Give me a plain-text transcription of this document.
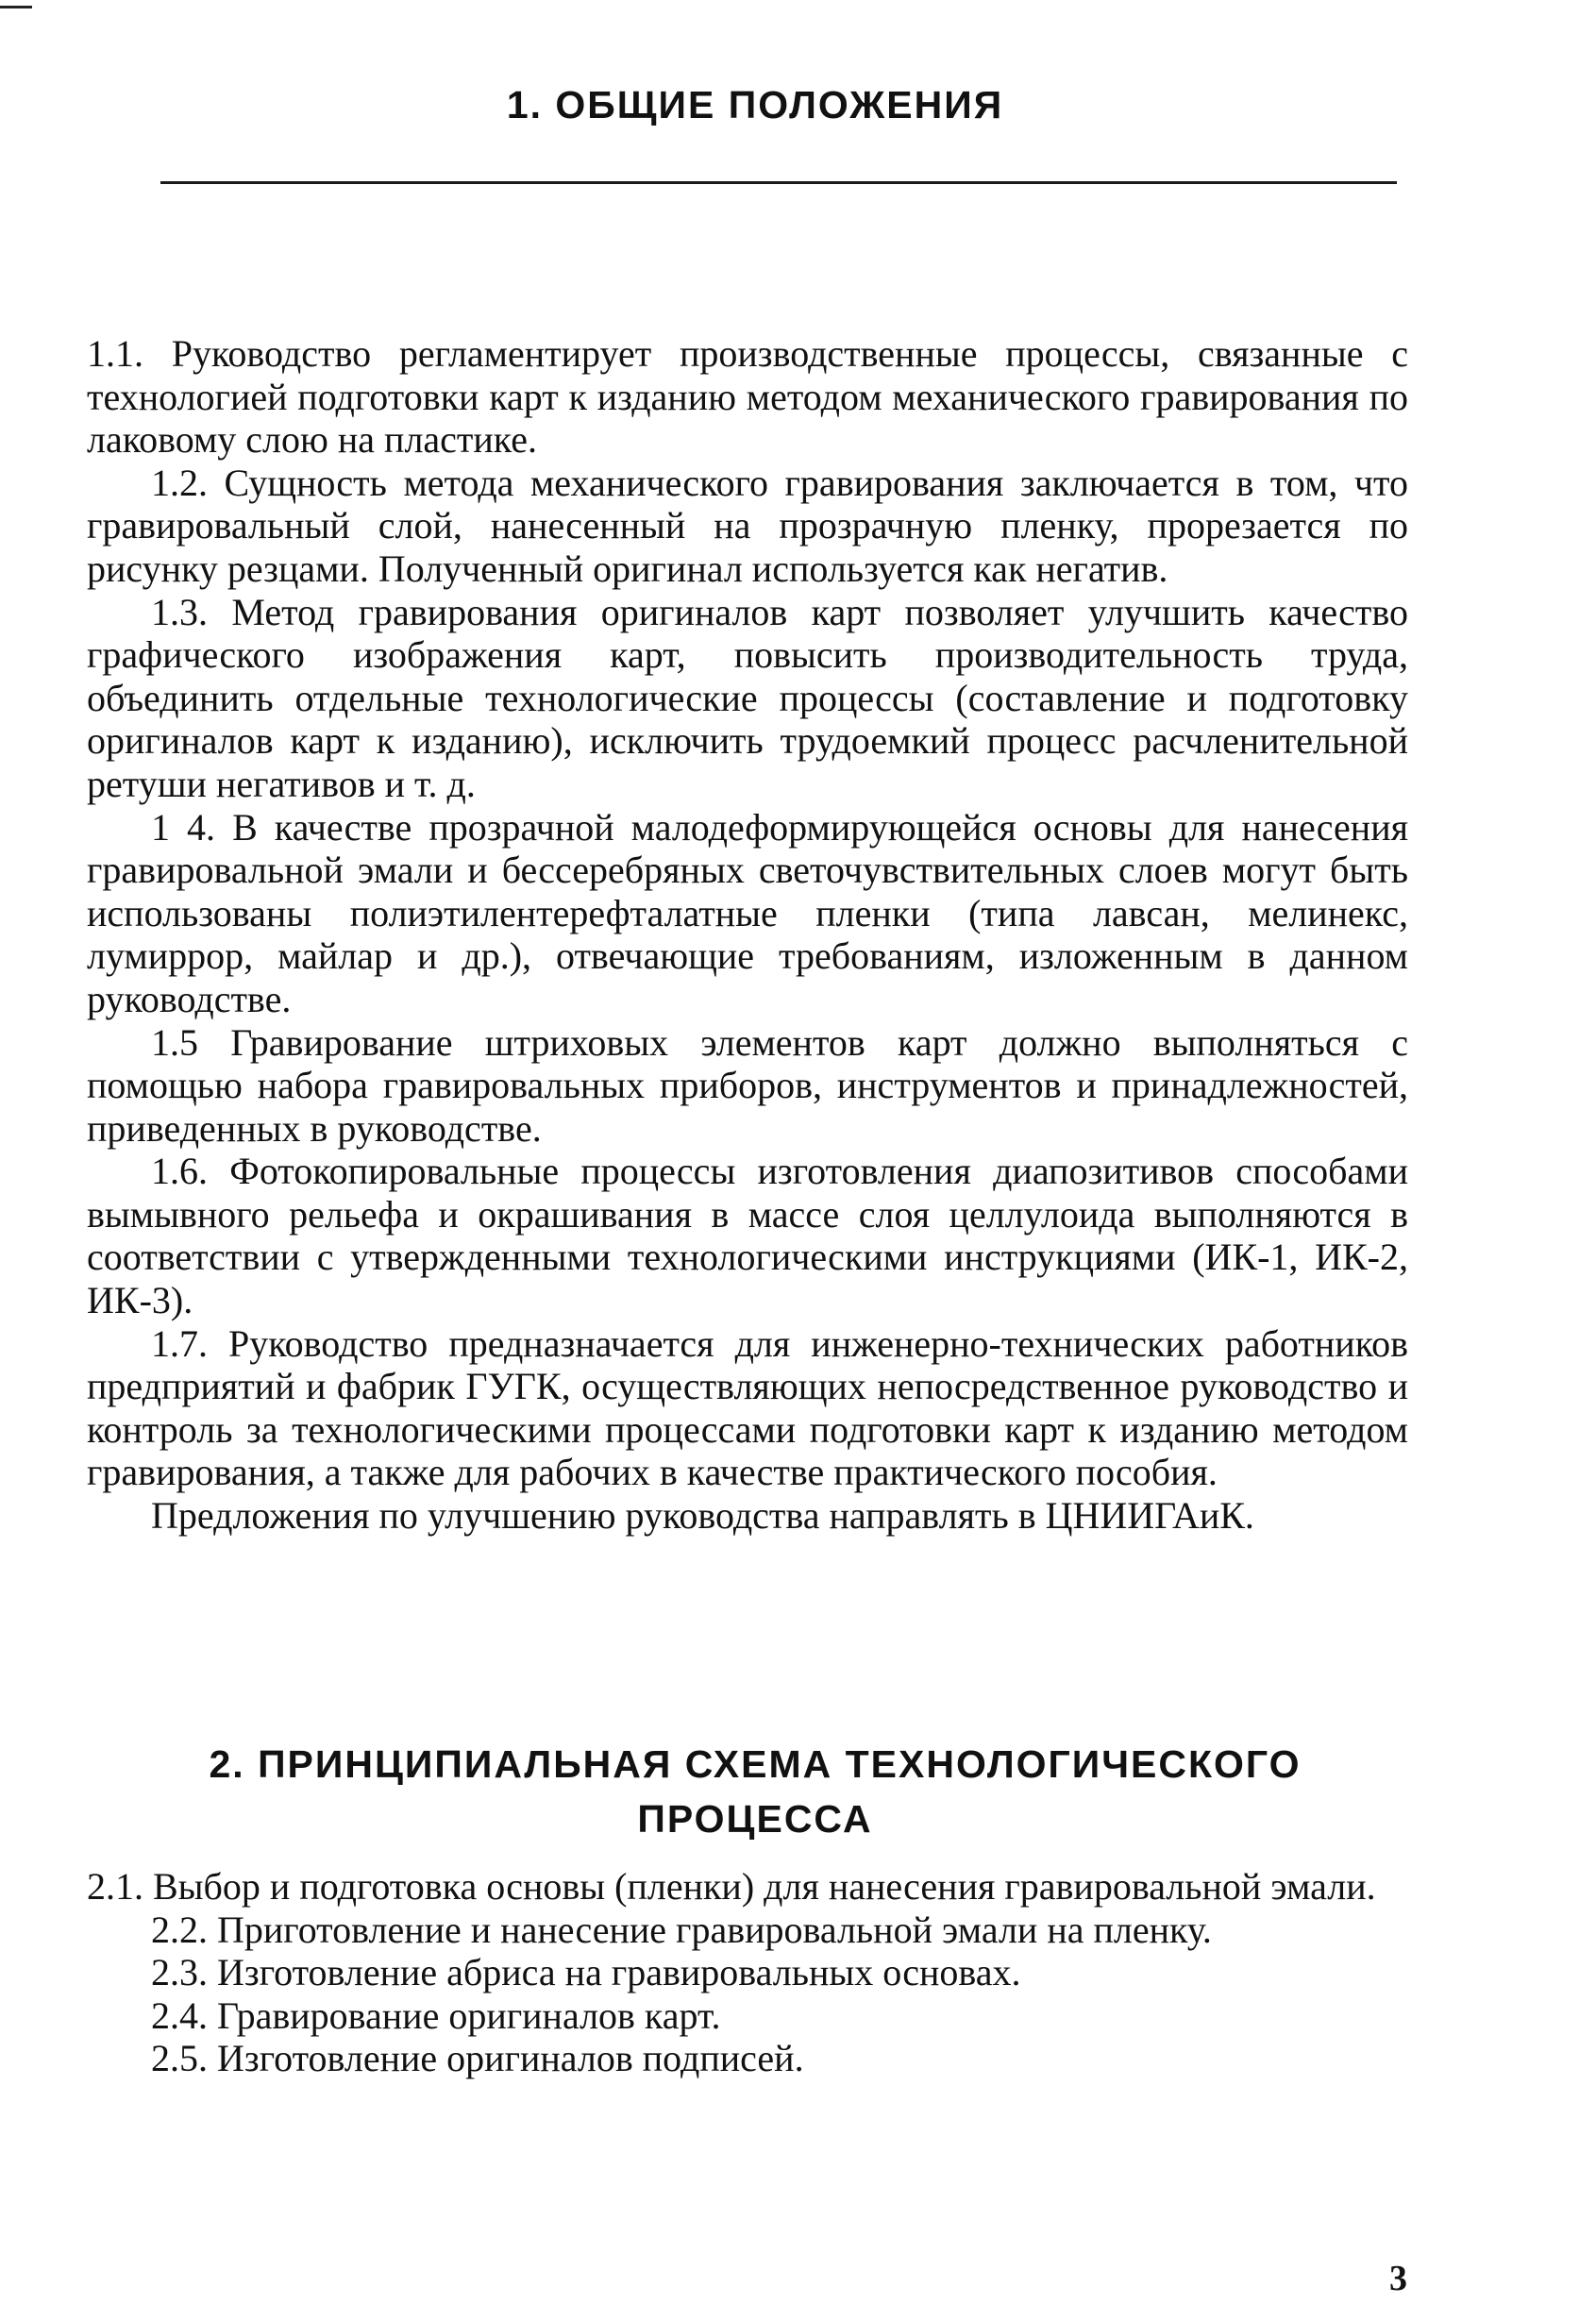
1. ОБЩИЕ ПОЛОЖЕНИЯ

1.1. Руководство регламентирует производственные процессы, связанные с технологией подготовки карт к изданию методом механического гравирования по лаковому слою на пластике.

1.2. Сущность метода механического гравирования заключается в том, что гравировальный слой, нанесенный на прозрачную пленку, прорезается по рисунку резцами. Полученный оригинал используется как негатив.

1.3. Метод гравирования оригиналов карт позволяет улучшить качество графического изображения карт, повысить производительность труда, объединить отдельные технологические процессы (составление и подготовку оригиналов карт к изданию), исключить трудоемкий процесс расчленительной ретуши негативов и т. д.

1 4. В качестве прозрачной малодеформирующейся основы для нанесения гравировальной эмали и бессеребряных светочувствительных слоев могут быть использованы полиэтилентерефталатные пленки (типа лавсан, мелинекс, лумиррор, майлар и др.), отвечающие требованиям, изложенным в данном руководстве.

1.5 Гравирование штриховых элементов карт должно выполняться с помощью набора гравировальных приборов, инструментов и принадлежностей, приведенных в руководстве.

1.6. Фотокопировальные процессы изготовления диапозитивов способами вымывного рельефа и окрашивания в массе слоя целлулоида выполняются в соответствии с утвержденными технологическими инструкциями (ИК-1, ИК-2, ИК-3).

1.7. Руководство предназначается для инженерно-технических работников предприятий и фабрик ГУГК, осуществляющих непосредственное руководство и контроль за технологическими процессами подготовки карт к изданию методом гравирования, а также для рабочих в качестве практического пособия.

Предложения по улучшению руководства направлять в ЦНИИГАиК.

2. ПРИНЦИПИАЛЬНАЯ СХЕМА ТЕХНОЛОГИЧЕСКОГО
ПРОЦЕССА

2.1. Выбор и подготовка основы (пленки) для нанесения гравировальной эмали.

2.2. Приготовление и нанесение гравировальной эмали на пленку.

2.3. Изготовление абриса на гравировальных основах.

2.4. Гравирование оригиналов карт.

2.5. Изготовление оригиналов подписей.

3
